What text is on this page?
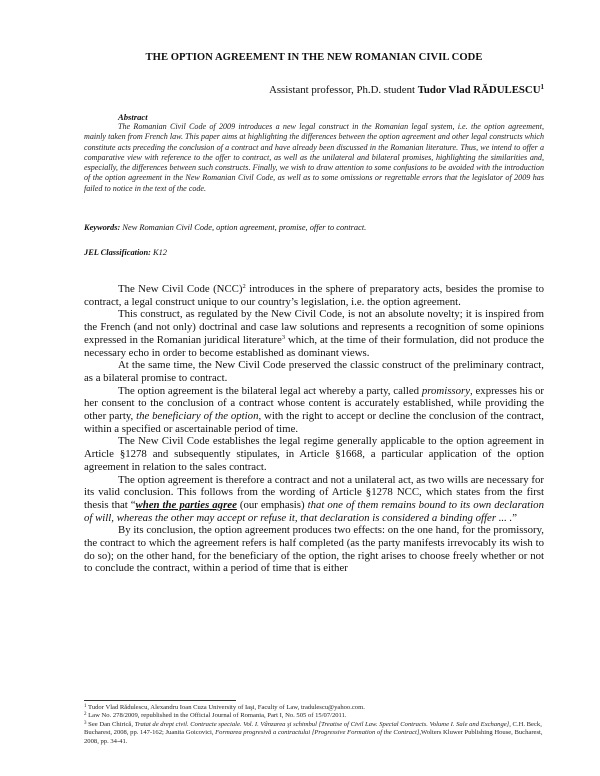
THE OPTION AGREEMENT IN THE NEW ROMANIAN CIVIL CODE
Assistant professor, Ph.D. student Tudor Vlad RĂDULESCU$^1$
Abstract
The Romanian Civil Code of 2009 introduces a new legal construct in the Romanian legal system, i.e. the option agreement, mainly taken from French law. This paper aims at highlighting the differences between the option agreement and other legal constructs which constitute acts preceding the conclusion of a contract and have already been discussed in the Romanian literature. Thus, we intend to offer a comparative view with reference to the offer to contract, as well as the unilateral and bilateral promises, highlighting the similarities and, especially, the differences between such constructs. Finally, we wish to draw attention to some confusions to be avoided with the introduction of the option agreement in the New Romanian Civil Code, as well as to some omissions or regrettable errors that the legislator of 2009 has failed to notice in the text of the code.
Keywords: New Romanian Civil Code, option agreement, promise, offer to contract.
JEL Classification: K12

The New Civil Code (NCC)$^2$ introduces in the sphere of preparatory acts, besides the promise to contract, a legal construct unique to our country’s legislation, i.e. the option agreement.

This construct, as regulated by the New Civil Code, is not an absolute novelty; it is inspired from the French (and not only) doctrinal and case law solutions and represents a recognition of some opinions expressed in the Romanian juridical literature$^3$ which, at the time of their formulation, did not produce the necessary echo in order to become established as dominant views.

At the same time, the New Civil Code preserved the classic construct of the preliminary contract, as a bilateral promise to contract.

The option agreement is the bilateral legal act whereby a party, called promissory, expresses his or her consent to the conclusion of a contract whose content is accurately established, while providing the other party, the beneficiary of the option, with the right to accept or decline the conclusion of the contract, within a specified or ascertainable period of time.

The New Civil Code establishes the legal regime generally applicable to the option agreement in Article §1278 and subsequently stipulates, in Article §1668, a particular application of the option agreement in relation to the sales contract.

The option agreement is therefore a contract and not a unilateral act, as two wills are necessary for its valid conclusion. This follows from the wording of Article §1278 NCC, which states from the first thesis that “when the parties agree (our emphasis) that one of them remains bound to its own declaration of will, whereas the other may accept or refuse it, that declaration is considered a binding offer ... .”

By its conclusion, the option agreement produces two effects: on the one hand, for the promissory, the contract to which the agreement refers is half completed (as the party manifests irrevocably its wish to do so); on the other hand, for the beneficiary of the option, the right arises to choose freely whether or not to conclude the contract, within a period of time that is either

$^1$ Tudor Vlad Rădulescu, Alexandru Ioan Cuza University of Iaşi, Faculty of Law, tradulescu@yahoo.com.

$^2$ Law No. 278/2009, republished in the Official Journal of Romania, Part I, No. 505 of 15/07/2011.

$^3$ See Dan Chirică, Tratat de drept civil. Contracte speciale. Vol. I. Vânzarea şi schimbul [Treatise of Civil Law. Special Contracts. Volume I. Sale and Exchange], C.H. Beck, Bucharest, 2008, pp. 147-162; Juanita Goicovici, Formarea progresivă a contractului [Progressive Formation of the Contract],Wolters Kluwer Publishing House, Bucharest, 2008, pp. 34-41.
